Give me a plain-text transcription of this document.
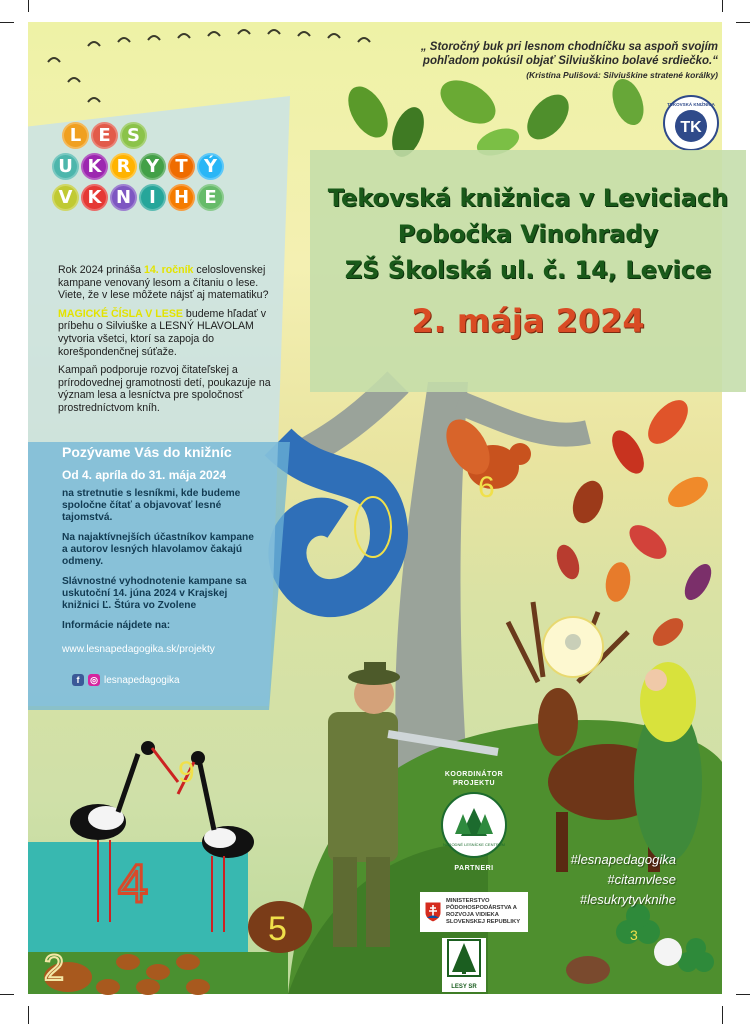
6
9
4
2
5	3
„ Storočný buk pri lesnom chodníčku sa aspoň svojím pohľadom pokúsil objať Silviuškino bolavé srdiečko.“
(Kristína Pulišová: Silviuškine stratené korálky)
TK
TEKOVSKÁ KNIŽNICA
L E S
U K R Y T Ý
V K N	I	H E

Rok 2024 prináša 14. ročník celoslovenskej kampane venovaný lesom a čítaniu o lese. Viete, že v lese môžete nájsť aj matematiku?

MAGICKÉ ČÍSLA V LESE budeme hľadať v príbehu o Silviuške a LESNÝ HLAVOLAM vytvoria všetci, ktorí sa zapoja do korešpondenčnej súťaže.

Kampaň podporuje rozvoj čitateľskej a prírodovednej gramotnosti detí, poukazuje na význam lesa a lesníctva pre spoločnosť prostredníctvom kníh.

Pozývame Vás do knižníc
Od 4. apríla do 31. mája 2024

na stretnutie s lesníkmi, kde budeme spoločne čítať a objavovať lesné tajomstvá.

Na najaktívnejších účastníkov kampane a autorov lesných hlavolamov čakajú odmeny.

Slávnostné vyhodnotenie kampane sa uskutoční 14. júna 2024 v Krajskej knižnici Ľ. Štúra vo Zvolene

Informácie nájdete na:

www.lesnapedagogika.sk/projekty

f	◎ lesnapedagogika
Tekovská knižnica v Leviciach
Pobočka Vinohrady
ZŠ Školská ul. č. 14, Levice
2. mája 2024
KOORDINÁTOR
PROJEKTU
NÁRODNÉ LESNÍCKE CENTRUM
PARTNERI
MINISTERSTVO PÔDOHOSPODÁRSTVA A ROZVOJA VIDIEKA SLOVENSKEJ REPUBLIKY
LESY SR
#lesnapedagogika
#citamvlese
#lesukrytyvknihe
